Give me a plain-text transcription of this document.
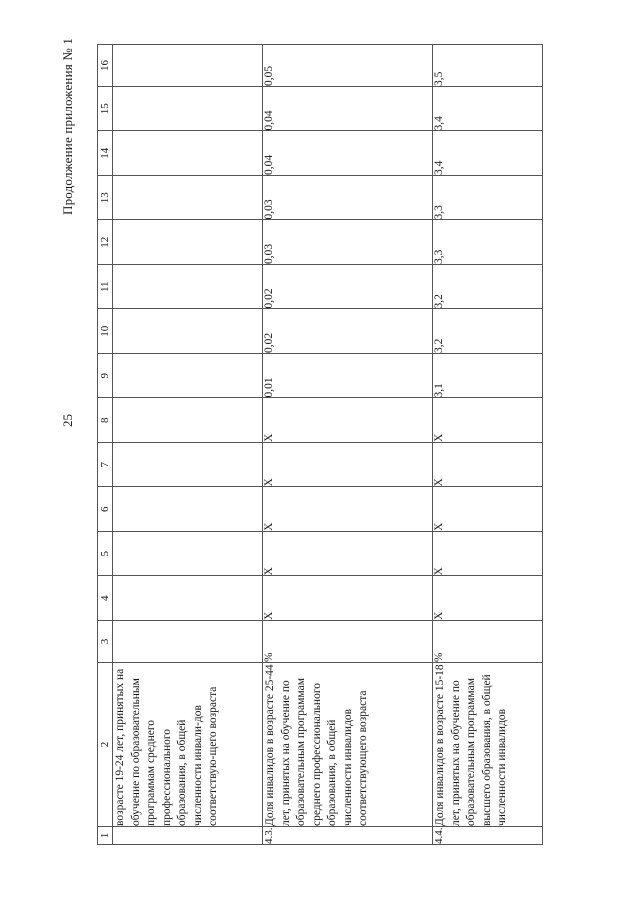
25
Продолжение приложения № 1
1	2	3	4	5	6	7	8	9	10	11	12	13	14	15	16
	возрасте 19-24 лет, принятых на обучение по образовательным программам среднего профессионального образования, в общей численности инвали-дов соответствую-щего возраста														
4.3.	Доля инвалидов в возрасте 25-44 лет, принятых на обучение по образовательным программам среднего профессионального образования, в общей численности инвалидов соответствующего возраста	%	X	X	X	X	X	0,01	0,02	0,02	0,03	0,03	0,04	0,04	0,05
4.4.	Доля инвалидов в возрасте 15-18 лет, принятых на обучение по образовательным программам высшего образования, в общей численности инвалидов	%	X	X	X	X	X	3,1	3,2	3,2	3,3	3,3	3,4	3,4	3,5
